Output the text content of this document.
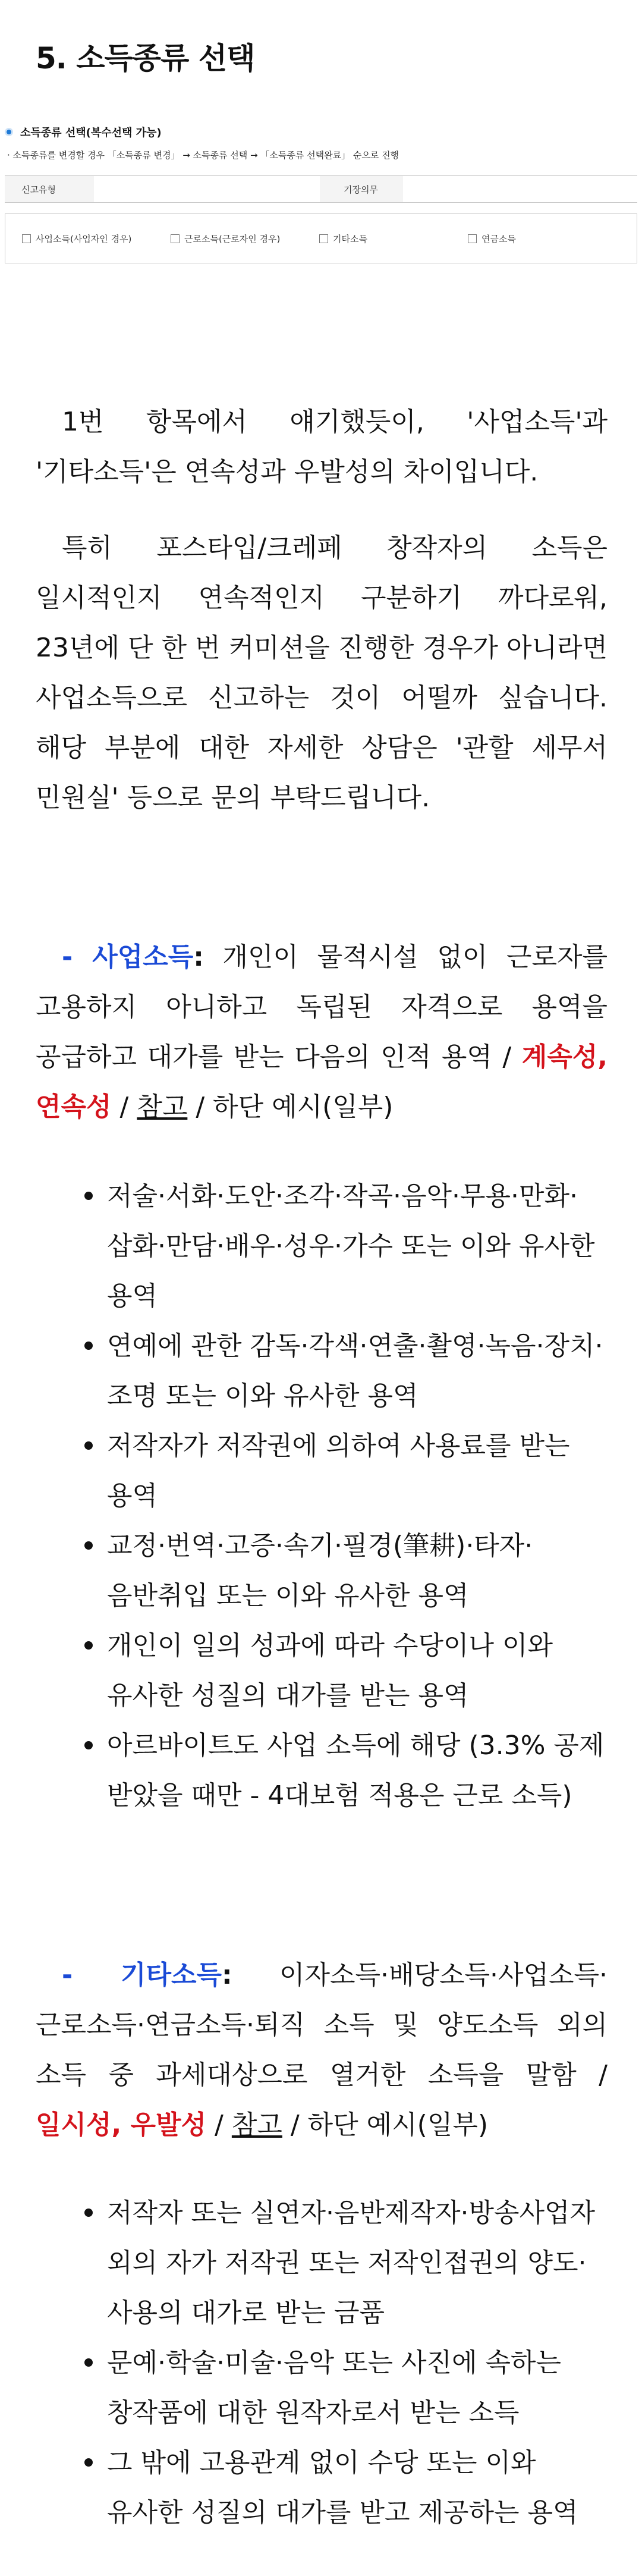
5. 소득종류 선택
소득종류 선택(복수선택 가능)
· 소득종류를 변경할 경우 「소득종류 변경」 → 소득종류 선택 → 「소득종류 선택완료」 순으로 진행
신고유형	기장의무
사업소득(사업자인 경우)	근로소득(근로자인 경우)	기타소득	연금소득

1번 항목에서 얘기했듯이, '사업소득'과 '기타소득'은 연속성과 우발성의 차이입니다.

특히 포스타입/크레페 창작자의 소득은 일시적인지 연속적인지 구분하기 까다로워, 23년에 단 한 번 커미션을 진행한 경우가 아니라면 사업소득으로 신고하는 것이 어떨까 싶습니다. 해당 부분에 대한 자세한 상담은 '관할 세무서 민원실' 등으로 문의 부탁드립니다.

- 사업소득: 개인이 물적시설 없이 근로자를 고용하지 아니하고 독립된 자격으로 용역을 공급하고 대가를 받는 다음의 인적 용역 / 계속성, 연속성 / 참고 / 하단 예시(일부)

저술·서화·도안·조각·작곡·음악·무용·만화·삽화·만담·배우·성우·가수 또는 이와 유사한 용역
연예에 관한 감독·각색·연출·촬영·녹음·장치·조명 또는 이와 유사한 용역
저작자가 저작권에 의하여 사용료를 받는 용역
교정·번역·고증·속기·필경(筆耕)·타자·음반취입 또는 이와 유사한 용역
개인이 일의 성과에 따라 수당이나 이와 유사한 성질의 대가를 받는 용역
아르바이트도 사업 소득에 해당 (3.3% 공제 받았을 때만 - 4대보험 적용은 근로 소득)

- 기타소득: 이자소득·배당소득·사업소득·근로소득·연금소득·퇴직 소득 및 양도소득 외의 소득 중 과세대상으로 열거한 소득을 말함 / 일시성, 우발성 / 참고 / 하단 예시(일부)

저작자 또는 실연자·음반제작자·방송사업자 외의 자가 저작권 또는 저작인접권의 양도·사용의 대가로 받는 금품
문예·학술·미술·음악 또는 사진에 속하는 창작품에 대한 원작자로서 받는 소득
그 밖에 고용관계 없이 수당 또는 이와 유사한 성질의 대가를 받고 제공하는 용역
